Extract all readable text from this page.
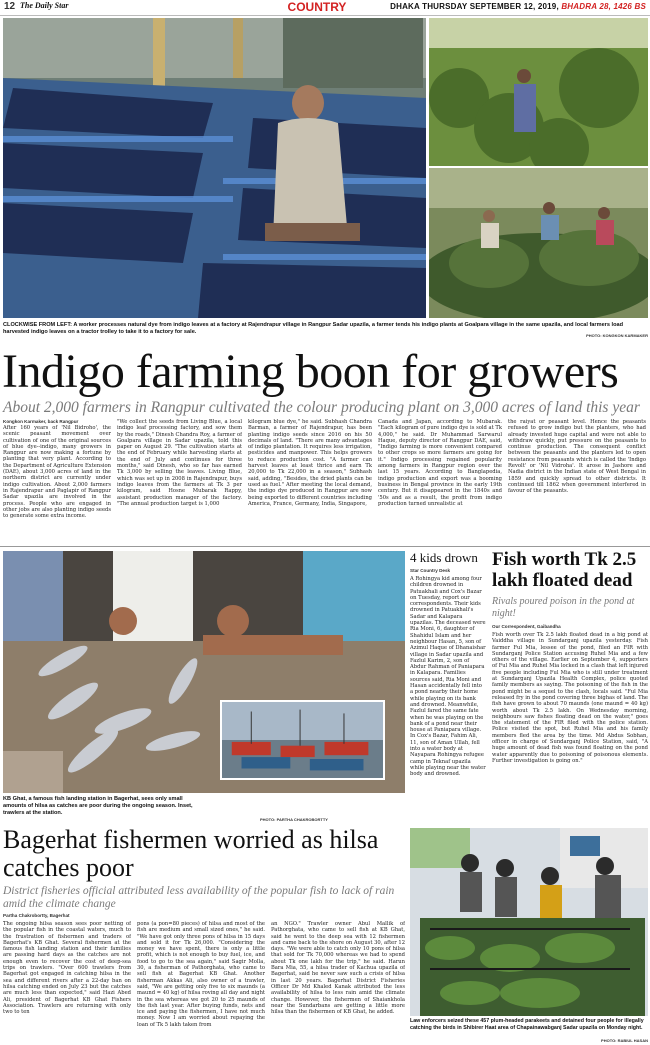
12 The Daily Star	COUNTRY	DHAKA THURSDAY SEPTEMBER 12, 2019, BHADRA 28, 1426 BS
CLOCKWISE FROM LEFT: A worker processes natural dye from indigo leaves at a factory at Rajendrapur village in Rangpur Sadar upazila, a farmer tends his indigo plants at Goalpara village in the same upazila, and local farmers load harvested indigo leaves on a tractor trolley to take it to a factory for sale.
PHOTO: KONGKON KARMAKER
Indigo farming boon for growers
About 2,000 farmers in Rangpur cultivated the colour producing plant on 3,000 acres of land this year
Kongkon Karmaker, back Rangpur
After 160 years of 'Nil Bidroho', the scenic peasant movement over cultivation of one of the original sources of blue dye--indigo, many growers in Rangpur are now making a fortune by planting that very plant. According to the Department of Agriculture Extension (DAE), about 3,000 acres of land in the northern district are currently under indigo cultivation. About 2,000 farmers in Rajendrapur and Paglapir of Rangpur Sadar upazila are involved in the process. People who are engaged in other jobs are also planting indigo seeds to generate some extra income.
"We collect the seeds from Living Blue, a local indigo leaf processing factory, and sow them by the roads," Dinesh Chandra Roy, a farmer of Goalpara village in Sadar upazila, told this paper on August 29. "The cultivation starts at the end of February while harvesting starts at the end of July and continues for three months," said Dinesh, who so far has earned Tk 3,000 by selling the leaves. Living Blue, which was set up in 2008 in Rajendrapur, buys indigo leaves from the farmers at Tk 3 per kilogram, said Hosne Mubarak Rappy, assistant production manager of the factory. "The annual production target is 1,000
kilogram blue dye," he said. Subhash Chandra Barman, a farmer of Rajendrapur, has been planting indigo seeds since 2016 on his 50 decimals of land. "There are many advantages of indigo plantation. It requires less irrigation, pesticides and manpower. This helps growers to reduce production cost. "A farmer can harvest leaves at least thrice and earn Tk 20,000 to Tk 22,000 in a season," Subhash said, adding, "Besides, the dried plants can be used as fuel." After meeting the local demand, the indigo dye produced in Rangpur are now being exported to different countries including America, France, Germany, India, Singapore,
Canada and Japan, according to Mubarak. "Each kilogram of pure indigo dye is sold at Tk 4,000," he said. Dr Muhammad Sarwarul Haque, deputy director of Rangpur DAE, said, "Indigo farming is more convenient compared to other crops so more farmers are going for it." Indigo processing regained popularity among farmers in Rangpur region over the last 15 years. According to Banglapedia, indigo production and export was a booming business in Bengal province in the early 19th century. But it disappeared in the 1840s and '50s and as a result, the profit from indigo production turned unrealistic at
the raiyat or peasant level. Hence the peasants refused to grow indigo but the planters, who had already invested huge capital and were not able to withdraw quickly, put pressure on the peasants to continue production. The consequent conflict between the peasants and the planters led to open resistance from peasants which is called the 'Indigo Revolt' or 'Nil Vidroha'. It arose in Jashore and Nadia district in the Indian state of West Bengal in 1859 and quickly spread to other districts. It continued till 1862 when government interfered in favour of the peasants.
KB Ghat, a famous fish landing station in Bagerhat, sees only small amounts of hilsa as catches are poor during the ongoing season. Inset, trawlers at the station.
PHOTO: PARTHA CHAKROBORTTY
4 kids drown
Star Country Desk
A Rohingya kid among four children drowned in Patuakhali and Cox's Bazar on Tuesday, report our correspondents. Their kids drowned in Patuakhali's Sadar and Kalapara upazilas. The deceased were Ria Moni, 6, daughter of Shahidul Islam and her neighbour Hasan, 5, son of Azimul Haque of Dhanaishar village in Sadar upazila and Fazlul Karim, 2, son of Abdur Rahman of Paniapara in Kalapara. Families sources said, Ria Moni and Hasan accidentally fell into a pond nearby their home while playing on its bank and drowned. Meanwhile, Fazlul fared the same fate when he was playing on the bank of a pond near their house at Paniapara village. In Cox's Bazar, Fahim Ali, 11, son of Aman Ullah, fell into a water body at Nayapara Rohingya refugee camp in Teknaf upazila while playing near the water body and drowned.
Fish worth Tk 2.5 lakh floated dead
Rivals poured poison in the pond at night!
Our Correspondent, Gaibandha
Fish worth over Tk 2.5 lakh floated dead in a big pond at Vaiddha village in Sundarganj upazila yesterday. Fish farmer Ful Mia, lessee of the pond, filed an FIR with Sundarganj Police Station accusing Ruhel Mia and a few others of the village. Earlier on September 4, supporters of Ful Mia and Ruhel Mia locked in a clash that left injured five people including Ful Mia who is still under treatment at Sundarganj Upazila Health Complex, police quoted family members as saying. The poisoning of the fish in the pond might be a sequel to the clash, locals said. "Ful Mia released fry in the pond covering three bighas of land. The fish have grown to about 70 maunds (one maund = 40 kg) worth about Tk 2.5 lakh. On Wednesday morning, neighbours saw fishes floating dead on the water," goes the statement of the FIR filed with the police station. Police visited the spot, but Ruhel Mia and his family members fled the area by the time. Md Abdus Sobhan, officer in charge of Sundarganj Police Station, said, "A huge amount of dead fish was found floating on the pond water apparently due to poisoning of poisonous elements. Further investigation is going on."
Bagerhat fishermen worried as hilsa catches poor
District fisheries official attributed less availability of the popular fish to lack of rain amid the climate change
Partha Chakrobortty, Bagerhat
The ongoing hilsa season sees poor netting of the popular fish in the coastal waters, much to the frustration of fishermen and traders of Bagerhat's KB Ghat. Several fishermen at the famous fish landing station and their families are passing hard days as the catches are not enough even to recover the cost of deep-sea trips on trawlers. "Over 600 trawlers from Bagerhat got engaged in catching hilsa in the sea and different rivers after a 22-day ban on hilsa catching ended on July 23 but the catches are much less than expected," said Hazi Abed Ali, president of Bagerhat KB Ghat Fishers Association. Trawlers are returning with only two to ten
pons (a pon=80 pieces) of hilsa and most of the fish are medium and small sized ones," he said. "We have got only three pons of hilsa in 15 days and sold it for Tk 26,000. "Considering the money we have spent, there is only a little profit, which is not enough to buy fuel, ice, and food to go to the sea again," said Sagir Molla, 30, a fisherman of Pathorghata, who came to sell fish at Bagerhat KB Ghat. Another fisherman Akkas Ali, also owner of a trawler, said, "We are getting only five to six maunds (a maund = 40 kg) of hilsa roving all day and night in the sea whereas we got 20 to 25 maunds of the fish last year. After buying funds, nets and ice and paying the fishermen, I have not much money. Now I am worried about repaying the loan of Tk 5 lakh taken from
an NGO." Trawler owner Abul Mallik of Pathorghata, who came to sell fish at KB Ghat, said he went to the deep sea with 12 fishermen and came back to the shore on August 30, after 12 days. "We were able to catch only 10 pons of hilsa that sold for Tk 70,000 whereas we had to spend about Tk one lakh for the trip," he said. Harun Bara Mia, 55, a hilsa trader of Kachua upazila of Bagerhat, said he never saw such a crisis of hilsa in last 20 years. Bagerhat District Fisheries Officer Dr Md Khaled Kanak attributed the less availability of hilsa to less rain amid the climate change. However, the fishermen of Shaiankhola near the Sundarbans are getting a little more hilsa than the fishermen of KB Ghat, he added.
Law enforcers seized these 457 plum-headed parakeets and detained four people for illegally catching the birds in Shibirer Haat area of Chapainawabganj Sadar upazila on Monday night.
PHOTO: RABIUL HASAN
